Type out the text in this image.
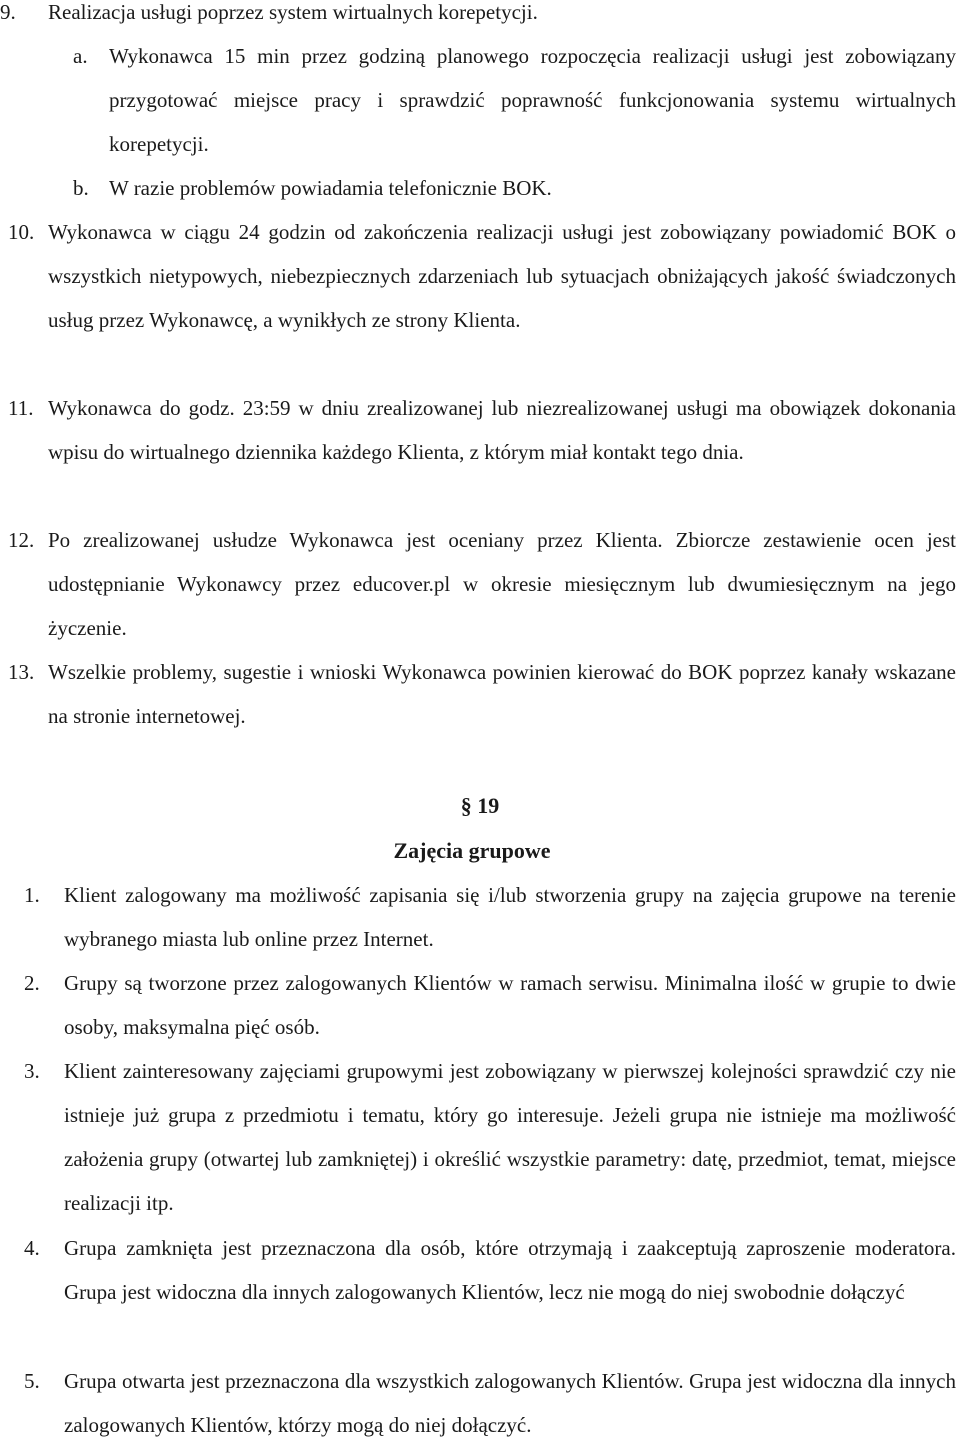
9. Realizacja usługi poprzez system wirtualnych korepetycji.
a. Wykonawca 15 min przez godziną planowego rozpoczęcia realizacji usługi jest zobowiązany przygotować miejsce pracy i sprawdzić poprawność funkcjonowania systemu wirtualnych korepetycji.
b. W razie problemów powiadamia telefonicznie BOK.
10. Wykonawca w ciągu 24 godzin od zakończenia realizacji usługi jest zobowiązany powiadomić BOK o wszystkich nietypowych, niebezpiecznych zdarzeniach lub sytuacjach obniżających jakość świadczonych usług przez Wykonawcę, a wynikłych ze strony Klienta.
11. Wykonawca do godz. 23:59 w dniu zrealizowanej lub niezrealizowanej usługi ma obowiązek dokonania wpisu do wirtualnego dziennika każdego Klienta, z którym miał kontakt tego dnia.
12. Po zrealizowanej usłudze Wykonawca jest oceniany przez Klienta. Zbiorcze zestawienie ocen jest udostępnianie Wykonawcy przez educover.pl w okresie miesięcznym lub dwumiesięcznym na jego życzenie.
13. Wszelkie problemy, sugestie i wnioski Wykonawca powinien kierować do BOK poprzez kanały wskazane na stronie internetowej.
§ 19
Zajęcia grupowe
1. Klient zalogowany ma możliwość zapisania się i/lub stworzenia grupy na zajęcia grupowe na terenie wybranego miasta lub online przez Internet.
2. Grupy są tworzone przez zalogowanych Klientów w ramach serwisu. Minimalna ilość w grupie to dwie osoby, maksymalna pięć osób.
3. Klient zainteresowany zajęciami grupowymi jest zobowiązany w pierwszej kolejności sprawdzić czy nie istnieje już grupa z przedmiotu i tematu, który go interesuje. Jeżeli grupa nie istnieje ma możliwość założenia grupy (otwartej lub zamkniętej) i określić wszystkie parametry: datę, przedmiot, temat, miejsce realizacji itp.
4. Grupa zamknięta jest przeznaczona dla osób, które otrzymają i zaakceptują zaproszenie moderatora. Grupa jest widoczna dla innych zalogowanych Klientów, lecz nie mogą do niej swobodnie dołączyć
5. Grupa otwarta jest przeznaczona dla wszystkich zalogowanych Klientów. Grupa jest widoczna dla innych zalogowanych Klientów, którzy mogą do niej dołączyć.
